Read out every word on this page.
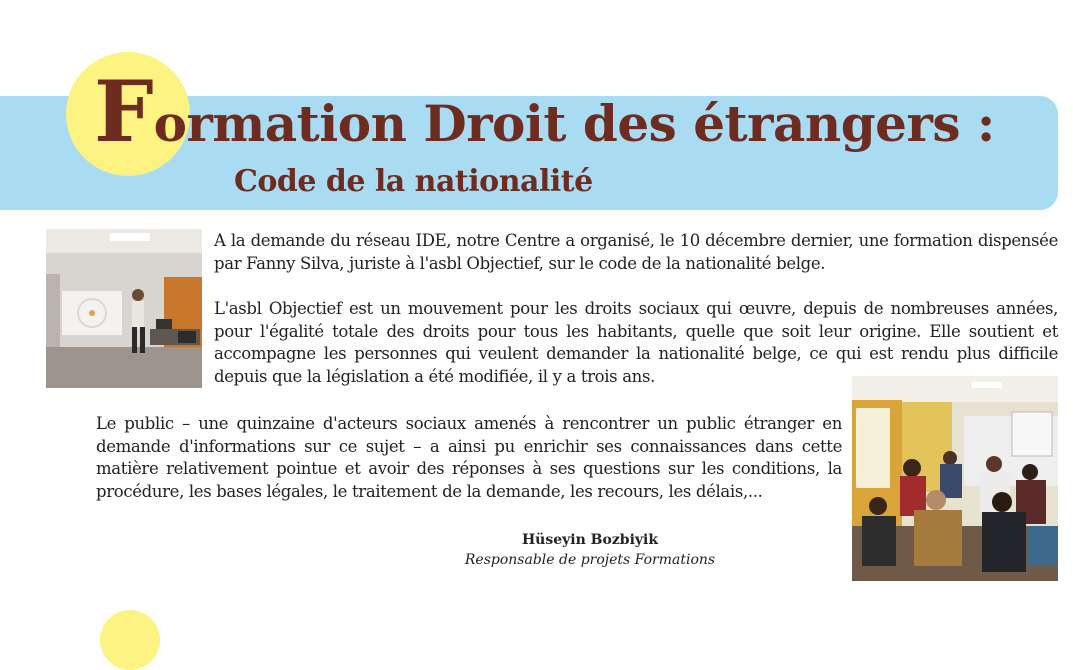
Formation Droit des étrangers :
Code de la nationalité

A la demande du réseau IDE, notre Centre a organisé, le 10 décembre dernier, une formation dispensée par Fanny Silva, juriste à l'asbl Objectief, sur le code de la nationalité belge.

L'asbl Objectief est un mouvement pour les droits sociaux qui œuvre, depuis de nombreuses années, pour l'égalité totale des droits pour tous les habitants, quelle que soit leur origine. Elle soutient et accompagne les personnes qui veulent demander la nationalité belge, ce qui est rendu plus difficile depuis que la législation a été modifiée, il y a trois ans.

Le public – une quinzaine d'acteurs sociaux amenés à rencontrer un public étranger en demande d'informations sur ce sujet – a ainsi pu enrichir ses connaissances dans cette matière relativement pointue et avoir des réponses à ses questions sur les conditions, la procédure, les bases légales, le traitement de la demande, les recours, les délais,...

Hüseyin Bozbiyik

Responsable de projets Formations
